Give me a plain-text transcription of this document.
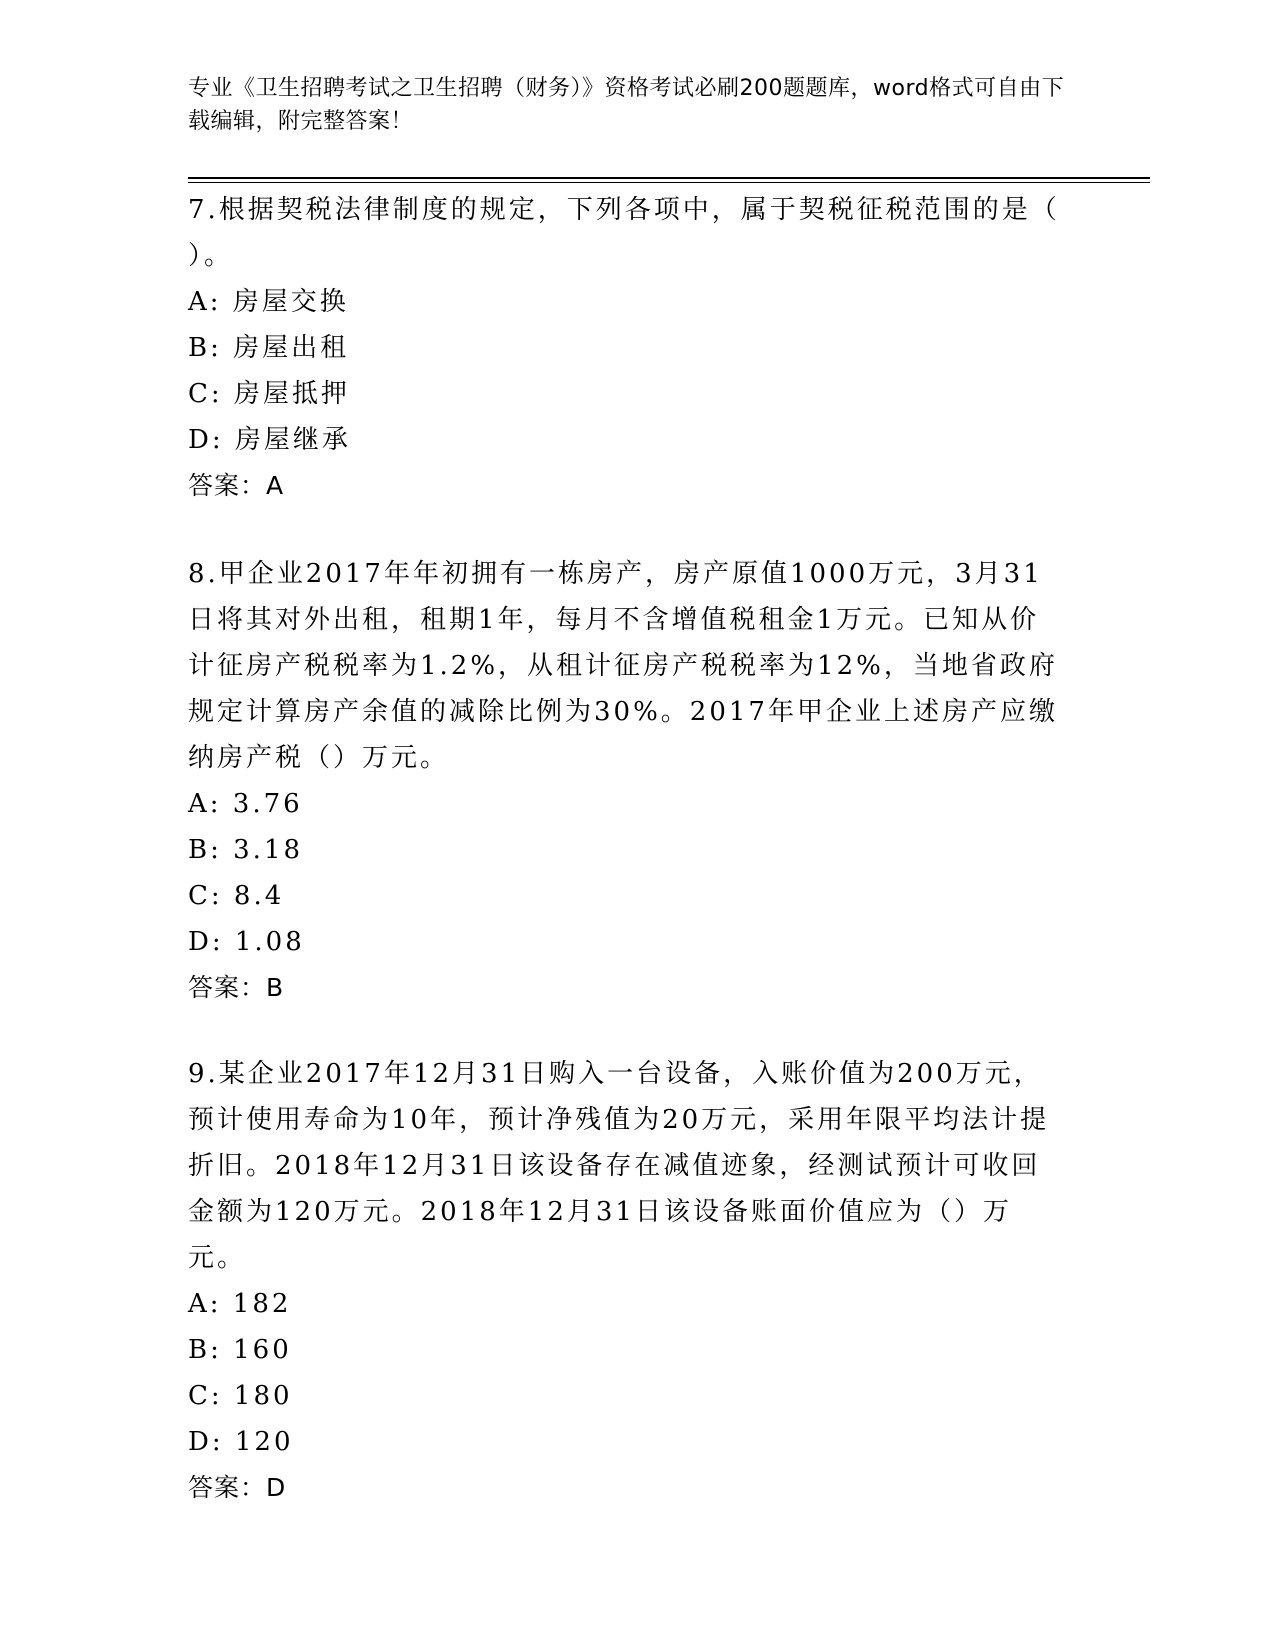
专业《卫生招聘考试之卫生招聘（财务）》资格考试必刷200题题库，word格式可自由下载编辑，附完整答案！

7.根据契税法律制度的规定，下列各项中，属于契税征税范围的是（ ）。

A: 房屋交换

B: 房屋出租

C: 房屋抵押

D: 房屋继承

答案：A

8.甲企业2017年年初拥有一栋房产，房产原值1000万元，3月31日将其对外出租，租期1年，每月不含增值税租金1万元。已知从价计征房产税税率为1.2%，从租计征房产税税率为12%，当地省政府规定计算房产余值的减除比例为30%。2017年甲企业上述房产应缴纳房产税（）万元。

A: 3.76

B: 3.18

C: 8.4

D: 1.08

答案：B

9.某企业2017年12月31日购入一台设备，入账价值为200万元，预计使用寿命为10年，预计净残值为20万元，采用年限平均法计提折旧。2018年12月31日该设备存在减值迹象，经测试预计可收回金额为120万元。2018年12月31日该设备账面价值应为（）万元。

A: 182

B: 160

C: 180

D: 120

答案：D
